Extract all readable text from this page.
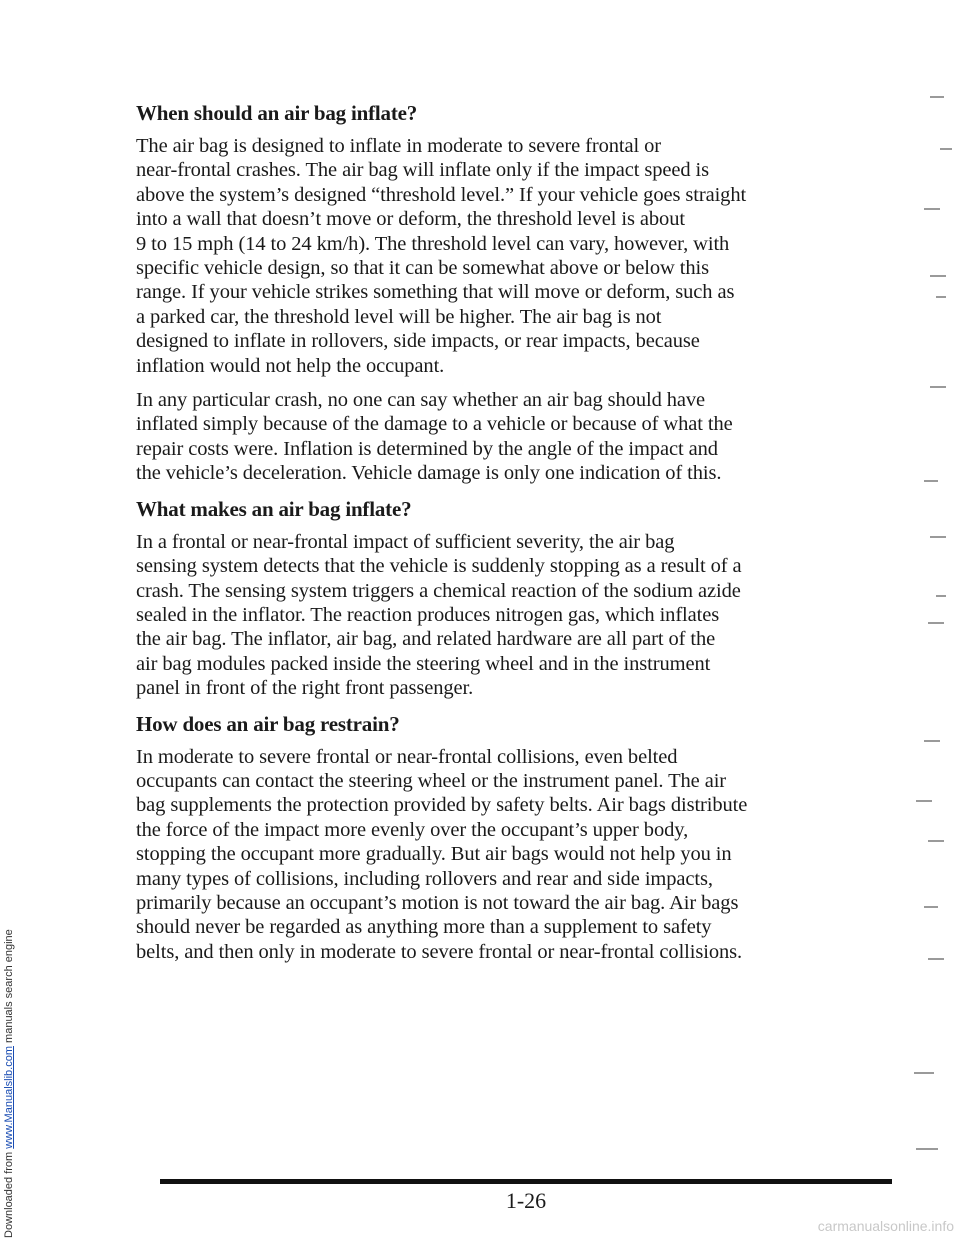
Downloaded from www.Manualslib.com manuals search engine
When should an air bag inflate?

The air bag is designed to inflate in moderate to severe frontal or
near-frontal crashes. The air bag will inflate only if the impact speed is
above the system’s designed “threshold level.” If your vehicle goes straight
into a wall that doesn’t move or deform, the threshold level is about
9 to 15 mph (14 to 24 km/h). The threshold level can vary, however, with
specific vehicle design, so that it can be somewhat above or below this
range. If your vehicle strikes something that will move or deform, such as
a parked car, the threshold level will be higher. The air bag is not
designed to inflate in rollovers, side impacts, or rear impacts, because
inflation would not help the occupant.

In any particular crash, no one can say whether an air bag should have
inflated simply because of the damage to a vehicle or because of what the
repair costs were. Inflation is determined by the angle of the impact and
the vehicle’s deceleration. Vehicle damage is only one indication of this.

What makes an air bag inflate?

In a frontal or near-frontal impact of sufficient severity, the air bag
sensing system detects that the vehicle is suddenly stopping as a result of a
crash. The sensing system triggers a chemical reaction of the sodium azide
sealed in the inflator. The reaction produces nitrogen gas, which inflates
the air bag. The inflator, air bag, and related hardware are all part of the
air bag modules packed inside the steering wheel and in the instrument
panel in front of the right front passenger.

How does an air bag restrain?

In moderate to severe frontal or near-frontal collisions, even belted
occupants can contact the steering wheel or the instrument panel. The air
bag supplements the protection provided by safety belts. Air bags distribute
the force of the impact more evenly over the occupant’s upper body,
stopping the occupant more gradually. But air bags would not help you in
many types of collisions, including rollovers and rear and side impacts,
primarily because an occupant’s motion is not toward the air bag. Air bags
should never be regarded as anything more than a supplement to safety
belts, and then only in moderate to severe frontal or near-frontal collisions.

1-26
carmanualsonline.info
